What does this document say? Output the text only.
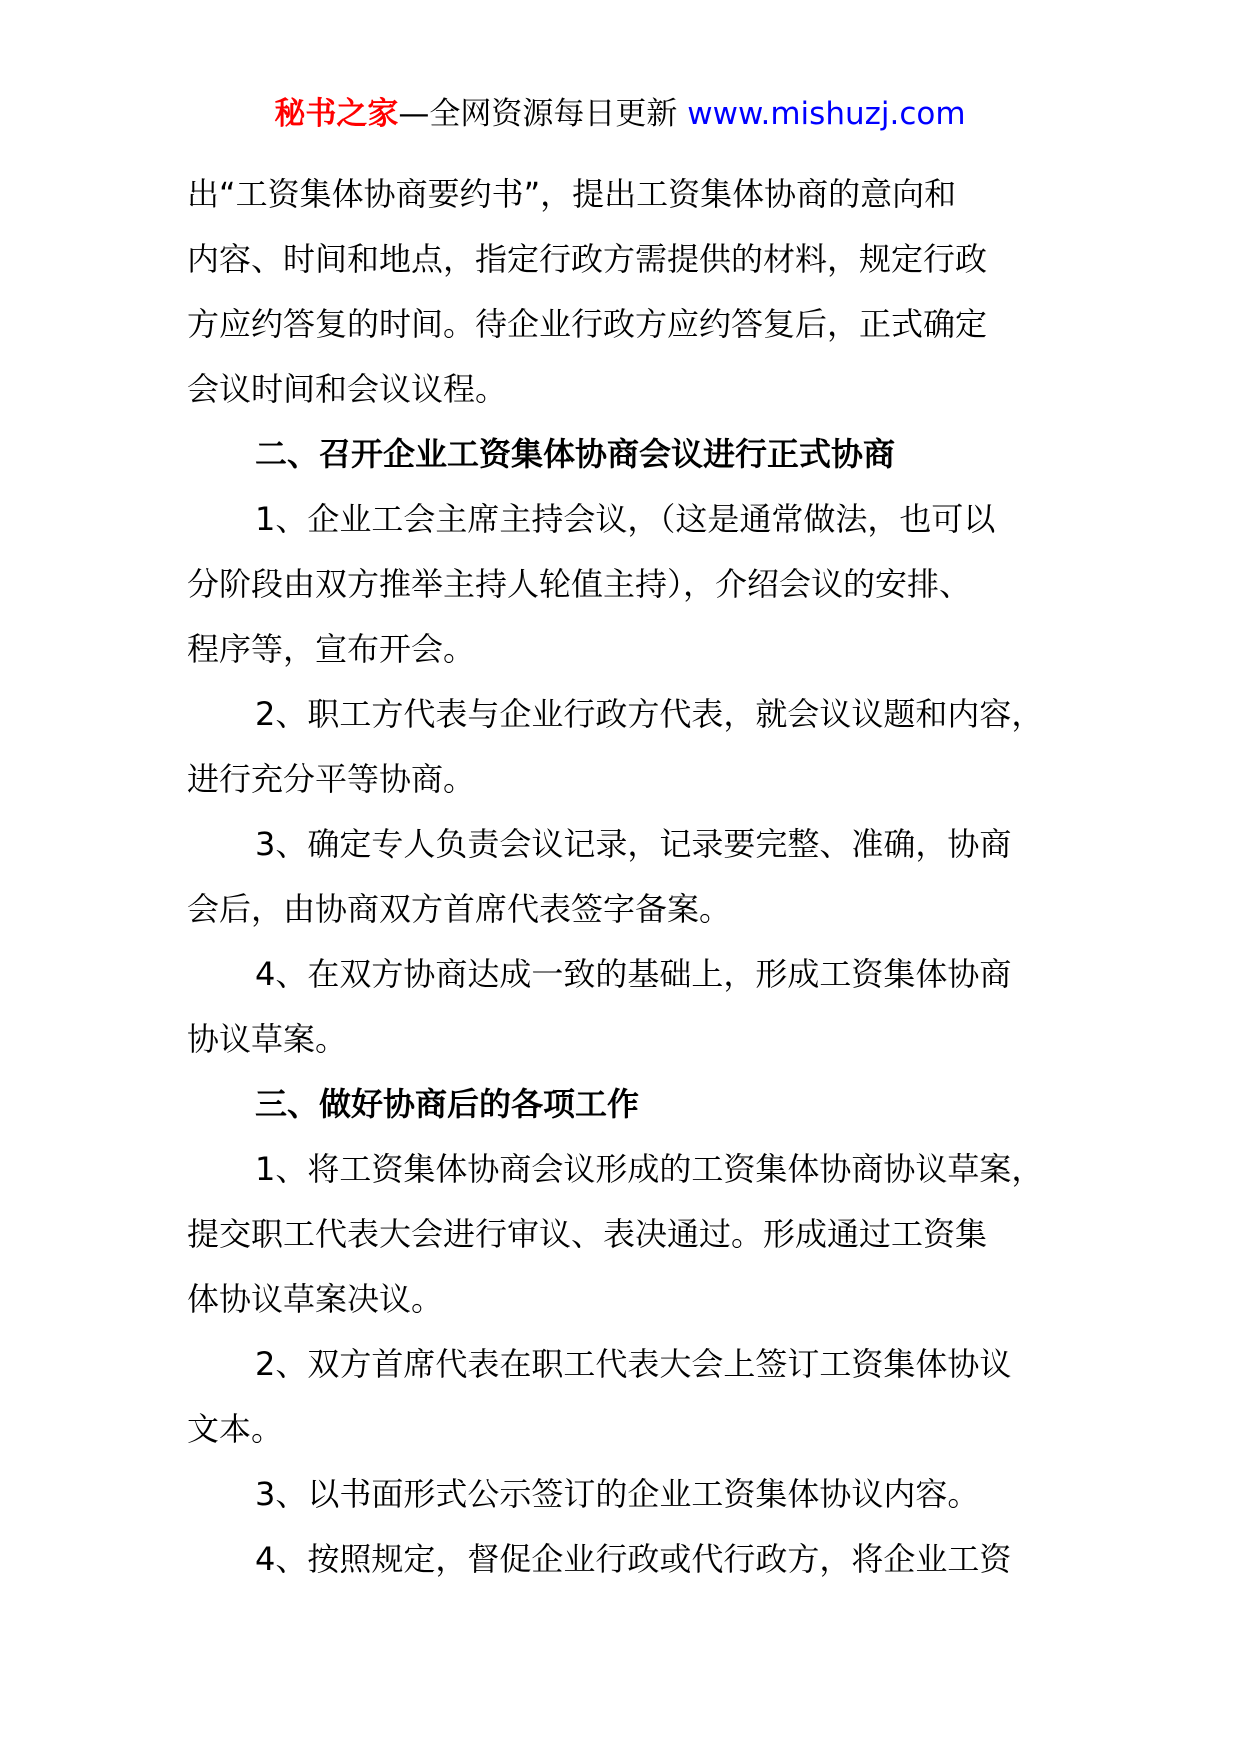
秘书之家—全网资源每日更新 www.mishuzj.com

出“工资集体协商要约书”，提出工资集体协商的意向和

内容、时间和地点，指定行政方需提供的材料，规定行政

方应约答复的时间。待企业行政方应约答复后，正式确定

会议时间和会议议程。

二、召开企业工资集体协商会议进行正式协商

1、企业工会主席主持会议，（这是通常做法，也可以

分阶段由双方推举主持人轮值主持），介绍会议的安排、

程序等，宣布开会。

2、职工方代表与企业行政方代表，就会议议题和内容，

进行充分平等协商。

3、确定专人负责会议记录，记录要完整、准确，协商

会后，由协商双方首席代表签字备案。

4、在双方协商达成一致的基础上，形成工资集体协商

协议草案。

三、做好协商后的各项工作

1、将工资集体协商会议形成的工资集体协商协议草案，

提交职工代表大会进行审议、表决通过。形成通过工资集

体协议草案决议。

2、双方首席代表在职工代表大会上签订工资集体协议

文本。

3、以书面形式公示签订的企业工资集体协议内容。

4、按照规定，督促企业行政或代行政方，将企业工资
